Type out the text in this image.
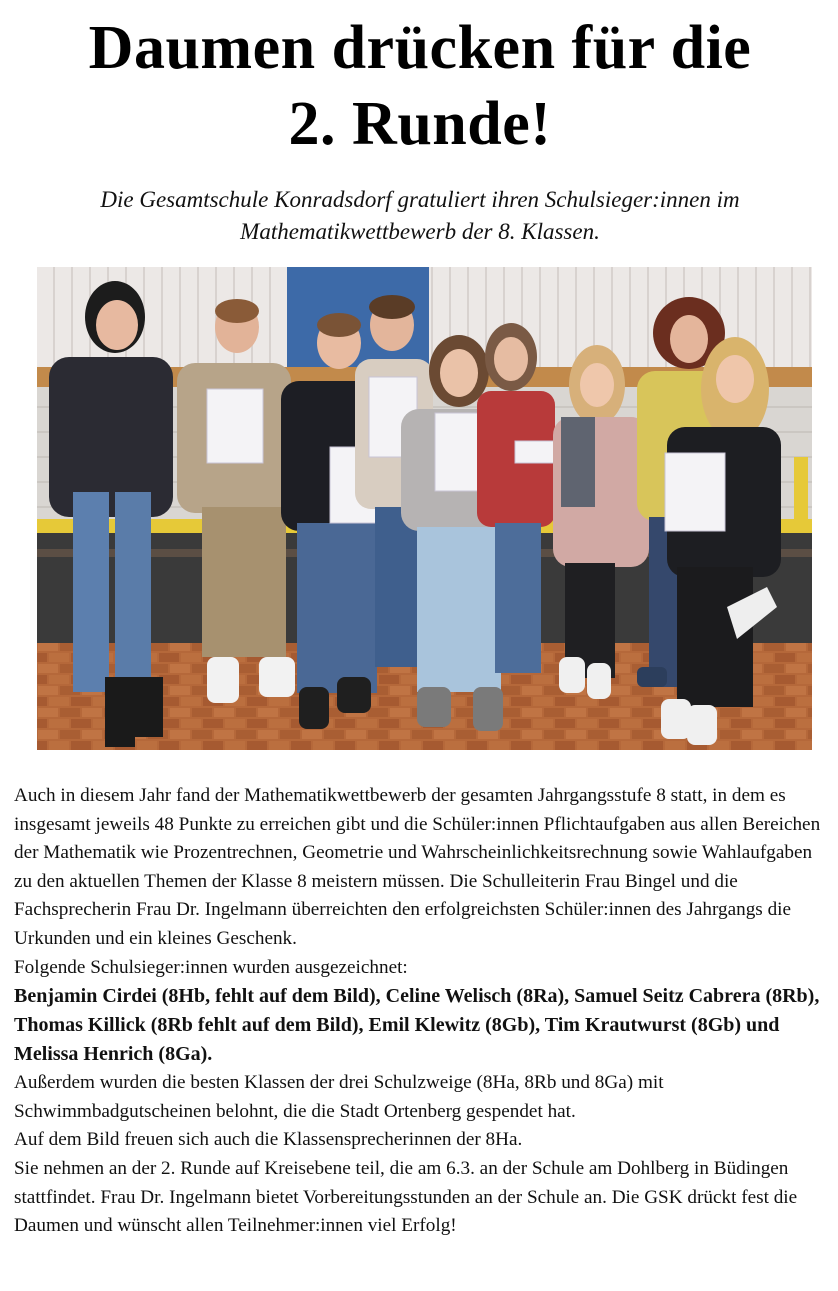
Daumen drücken für die
2. Runde!

Die Gesamtschule Konradsdorf gratuliert ihren Schulsieger:innen im
Mathematikwettbewerb der 8. Klassen.

Auch in diesem Jahr fand der Mathematikwettbewerb der gesamten Jahrgangsstufe 8 statt, in dem es insgesamt jeweils 48 Punkte zu erreichen gibt und die Schüler:innen Pflichtaufgaben aus allen Bereichen der Mathematik wie Prozentrechnen, Geometrie und Wahrscheinlichkeitsrechnung sowie Wahlaufgaben zu den aktuellen Themen der Klasse 8 meistern müssen. Die Schulleiterin Frau Bingel und die Fachsprecherin Frau Dr. Ingelmann überreichten den erfolgreichsten Schüler:innen des Jahrgangs die Urkunden und ein kleines Geschenk.

Folgende Schulsieger:innen wurden ausgezeichnet:

Benjamin Cirdei (8Hb, fehlt auf dem Bild), Celine Welisch (8Ra), Samuel Seitz Cabrera (8Rb), Thomas Killick (8Rb fehlt auf dem Bild), Emil Klewitz (8Gb), Tim Krautwurst (8Gb) und Melissa Henrich (8Ga).

Außerdem wurden die besten Klassen der drei Schulzweige (8Ha, 8Rb und 8Ga) mit Schwimmbadgutscheinen belohnt, die die Stadt Ortenberg gespendet hat.

Auf dem Bild freuen sich auch die Klassensprecherinnen der 8Ha.

Sie nehmen an der 2. Runde auf Kreisebene teil, die am 6.3. an der Schule am Dohlberg in Büdingen stattfindet. Frau Dr. Ingelmann bietet Vorbereitungsstunden an der Schule an. Die GSK drückt fest die Daumen und wünscht allen Teilnehmer:innen viel Erfolg!
